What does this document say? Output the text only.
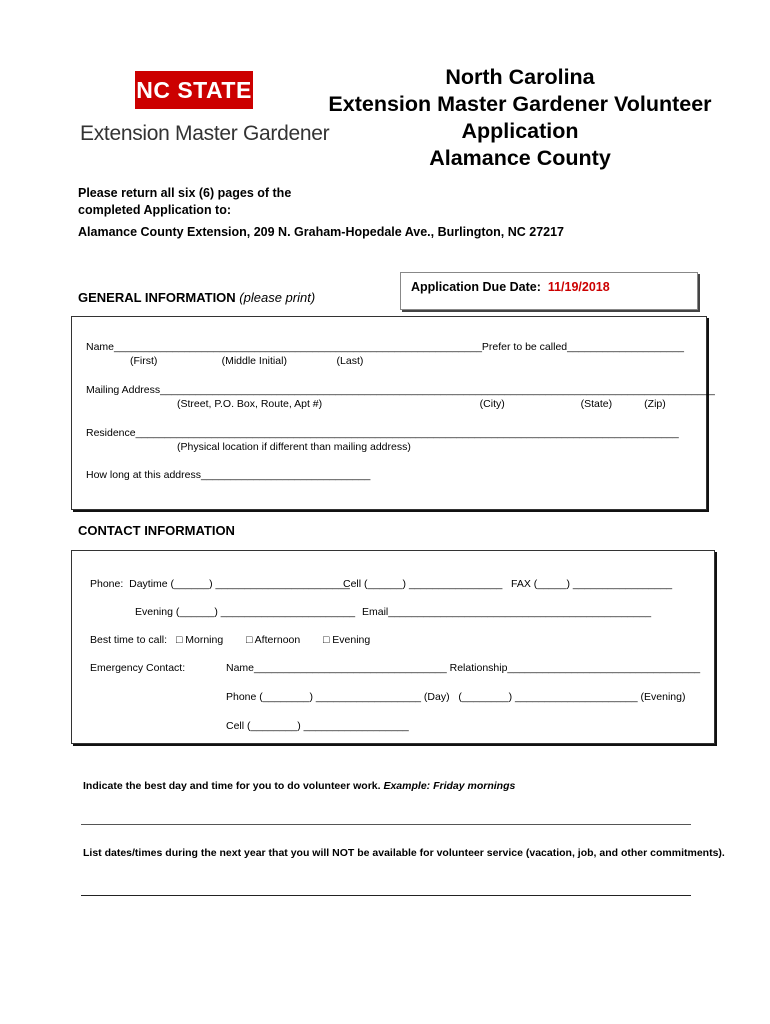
NC STATE
Extension Master Gardener
North Carolina
Extension Master Gardener Volunteer
Application
Alamance County
Please return all six (6) pages of the
completed Application to:
Alamance County Extension, 209 N. Graham-Hopedale Ave., Burlington, NC 27217
Application Due Date:  11/19/2018
GENERAL INFORMATION (please print)
Name_______________________________________________________________Prefer to be called____________________
(First)                      (Middle Initial)                 (Last)
Mailing Address_______________________________________________________________________________________________
(Street, P.O. Box, Route, Apt #)                                                      (City)                          (State)           (Zip)
Residence_____________________________________________________________________________________________
(Physical location if different than mailing address)
How long at this address_____________________________
CONTACT INFORMATION
Phone:  Daytime (______) _______________________
Cell (______) ________________ FAX (_____) _________________
Evening (______) _______________________ Email_____________________________________________
Best time to call: □ Morning □ Afternoon □ Evening
Emergency Contact:	Name_________________________________ Relationship_________________________________
Phone (________) __________________ (Day)   (________) _____________________ (Evening)
Cell (________) __________________
Indicate the best day and time for you to do volunteer work. Example: Friday mornings
List dates/times during the next year that you will NOT be available for volunteer service (vacation, job, and other commitments).
